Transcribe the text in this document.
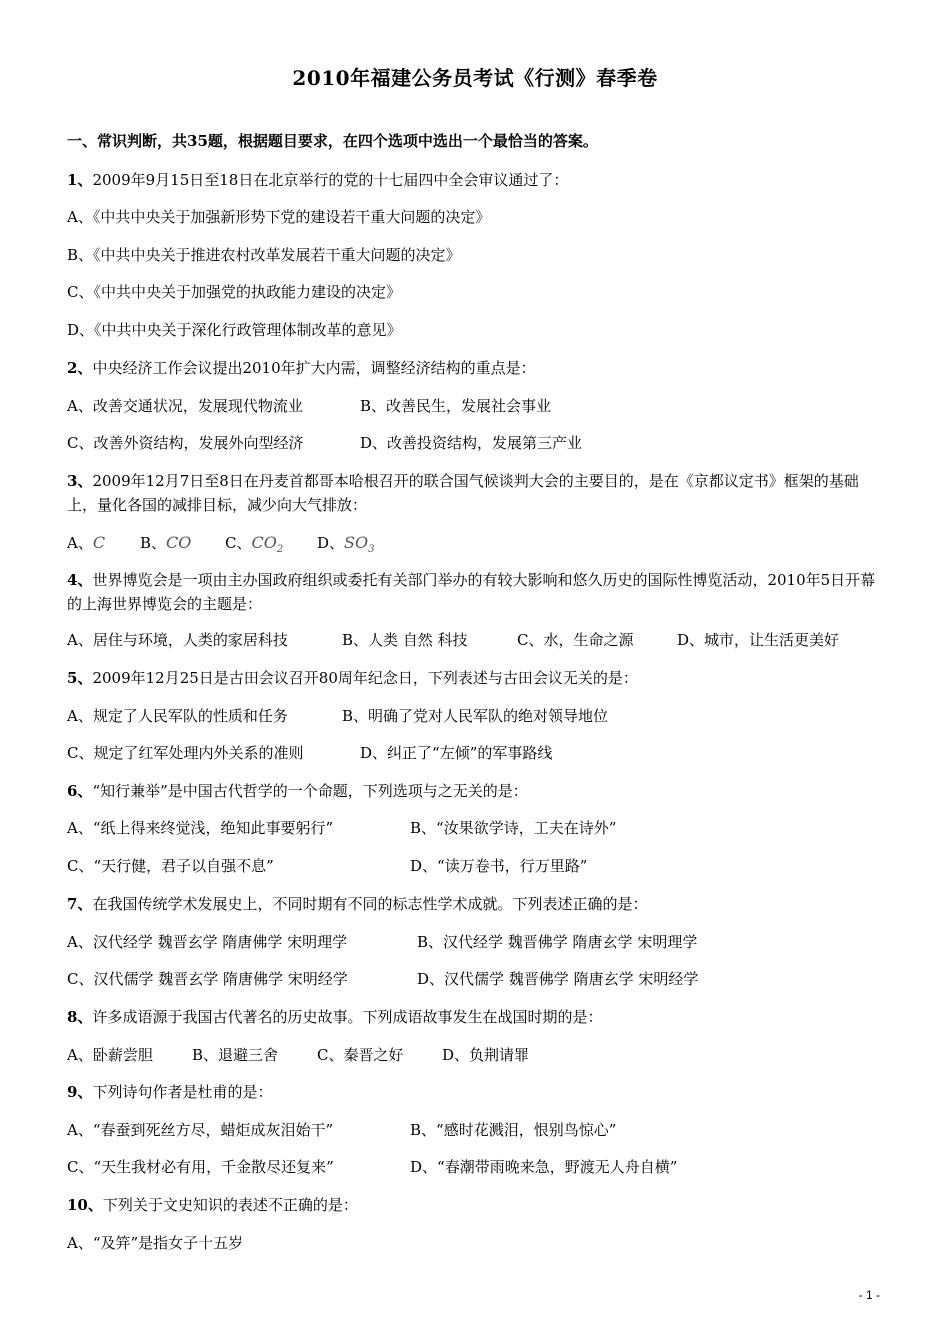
2010年福建公务员考试《行测》春季卷
一、常识判断，共35题，根据题目要求，在四个选项中选出一个最恰当的答案。
1、2009年9月15日至18日在北京举行的党的十七届四中全会审议通过了：
A、《中共中央关于加强新形势下党的建设若干重大问题的决定》
B、《中共中央关于推进农村改革发展若干重大问题的决定》
C、《中共中央关于加强党的执政能力建设的决定》
D、《中共中央关于深化行政管理体制改革的意见》
2、中央经济工作会议提出2010年扩大内需，调整经济结构的重点是：
A、改善交通状况，发展现代物流业	B、改善民生，发展社会事业
C、改善外资结构，发展外向型经济	D、改善投资结构，发展第三产业
3、2009年12月7日至8日在丹麦首都哥本哈根召开的联合国气候谈判大会的主要目的，是在《京都议定书》框架的基础上，量化各国的减排目标，减少向大气排放：
A、C B、CO C、$CO_2$ D、$SO_3$
4、世界博览会是一项由主办国政府组织或委托有关部门举办的有较大影响和悠久历史的国际性博览活动，2010年5日开幕的上海世界博览会的主题是：
A、居住与环境，人类的家居科技	B、人类 自然 科技	C、水，生命之源	D、城市，让生活更美好
5、2009年12月25日是古田会议召开80周年纪念日，下列表述与古田会议无关的是：
A、规定了人民军队的性质和任务	B、明确了党对人民军队的绝对领导地位
C、规定了红军处理内外关系的准则	D、纠正了“左倾”的军事路线
6、“知行兼举”是中国古代哲学的一个命题，下列选项与之无关的是：
A、“纸上得来终觉浅，绝知此事要躬行”	B、“汝果欲学诗，工夫在诗外”
C、“天行健，君子以自强不息”	D、“读万卷书，行万里路”
7、在我国传统学术发展史上，不同时期有不同的标志性学术成就。下列表述正确的是：
A、汉代经学 魏晋玄学 隋唐佛学 宋明理学	B、汉代经学 魏晋佛学 隋唐玄学 宋明理学
C、汉代儒学 魏晋玄学 隋唐佛学 宋明经学	D、汉代儒学 魏晋佛学 隋唐玄学 宋明经学
8、许多成语源于我国古代著名的历史故事。下列成语故事发生在战国时期的是：
A、卧薪尝胆	B、退避三舍	C、秦晋之好	D、负荆请罪
9、下列诗句作者是杜甫的是：
A、“春蚕到死丝方尽，蜡炬成灰泪始干”	B、“感时花溅泪，恨别鸟惊心”
C、“天生我材必有用，千金散尽还复来”	D、“春潮带雨晚来急，野渡无人舟自横”
10、下列关于文史知识的表述不正确的是：
A、“及笄”是指女子十五岁
- 1 -
